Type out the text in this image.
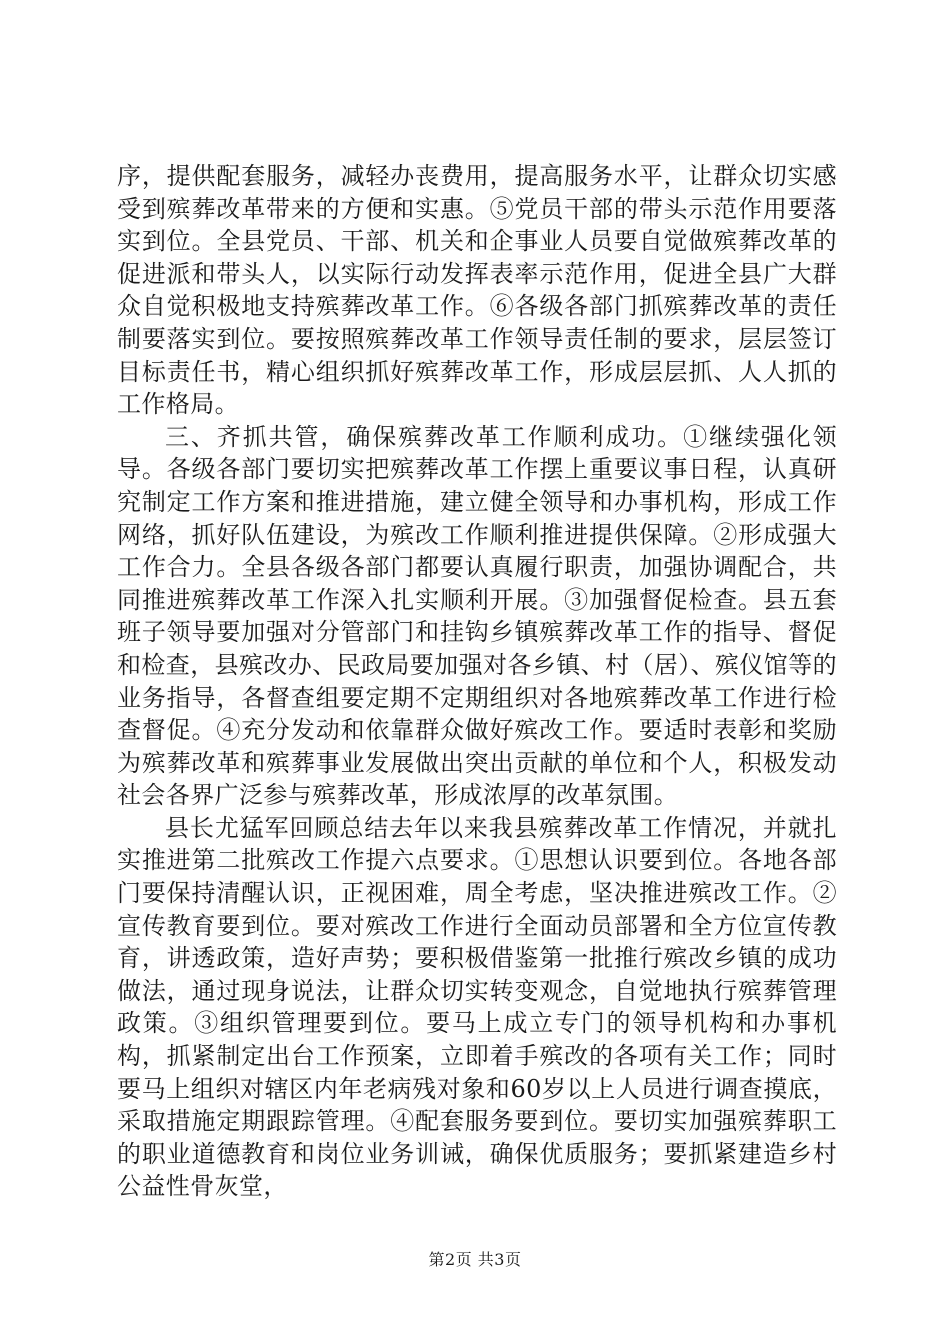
序，提供配套服务，减轻办丧费用，提高服务水平，让群众切实感受到殡葬改革带来的方便和实惠。⑤党员干部的带头示范作用要落实到位。全县党员、干部、机关和企事业人员要自觉做殡葬改革的促进派和带头人，以实际行动发挥表率示范作用，促进全县广大群众自觉积极地支持殡葬改革工作。⑥各级各部门抓殡葬改革的责任制要落实到位。要按照殡葬改革工作领导责任制的要求，层层签订目标责任书，精心组织抓好殡葬改革工作，形成层层抓、人人抓的工作格局。

三、齐抓共管，确保殡葬改革工作顺利成功。①继续强化领导。各级各部门要切实把殡葬改革工作摆上重要议事日程，认真研究制定工作方案和推进措施，建立健全领导和办事机构，形成工作网络，抓好队伍建设，为殡改工作顺利推进提供保障。②形成强大工作合力。全县各级各部门都要认真履行职责，加强协调配合，共同推进殡葬改革工作深入扎实顺利开展。③加强督促检查。县五套班子领导要加强对分管部门和挂钩乡镇殡葬改革工作的指导、督促和检查，县殡改办、民政局要加强对各乡镇、村（居）、殡仪馆等的业务指导，各督查组要定期不定期组织对各地殡葬改革工作进行检查督促。④充分发动和依靠群众做好殡改工作。要适时表彰和奖励为殡葬改革和殡葬事业发展做出突出贡献的单位和个人，积极发动社会各界广泛参与殡葬改革，形成浓厚的改革氛围。

县长尤猛军回顾总结去年以来我县殡葬改革工作情况，并就扎实推进第二批殡改工作提六点要求。①思想认识要到位。各地各部门要保持清醒认识，正视困难，周全考虑，坚决推进殡改工作。②宣传教育要到位。要对殡改工作进行全面动员部署和全方位宣传教育，讲透政策，造好声势；要积极借鉴第一批推行殡改乡镇的成功做法，通过现身说法，让群众切实转变观念，自觉地执行殡葬管理政策。③组织管理要到位。要马上成立专门的领导机构和办事机构，抓紧制定出台工作预案，立即着手殡改的各项有关工作；同时要马上组织对辖区内年老病残对象和60岁以上人员进行调查摸底，采取措施定期跟踪管理。④配套服务要到位。要切实加强殡葬职工的职业道德教育和岗位业务训诫，确保优质服务；要抓紧建造乡村公益性骨灰堂，

第2页 共3页
